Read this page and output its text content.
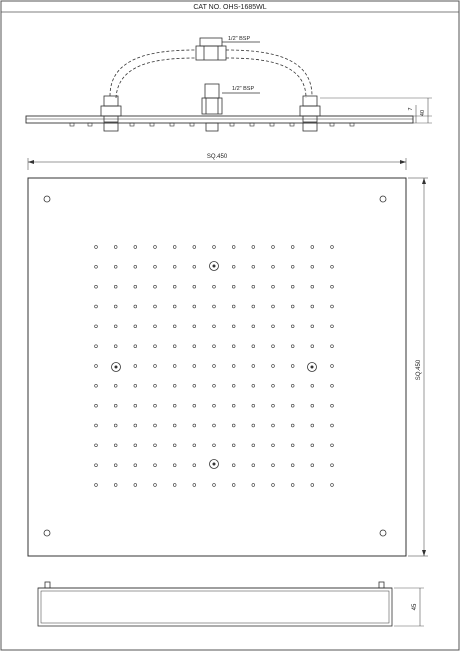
CAT NO. OHS-1685WL
1/2" BSP
1/2" BSP
7
40
SQ.450
SQ.450
45
